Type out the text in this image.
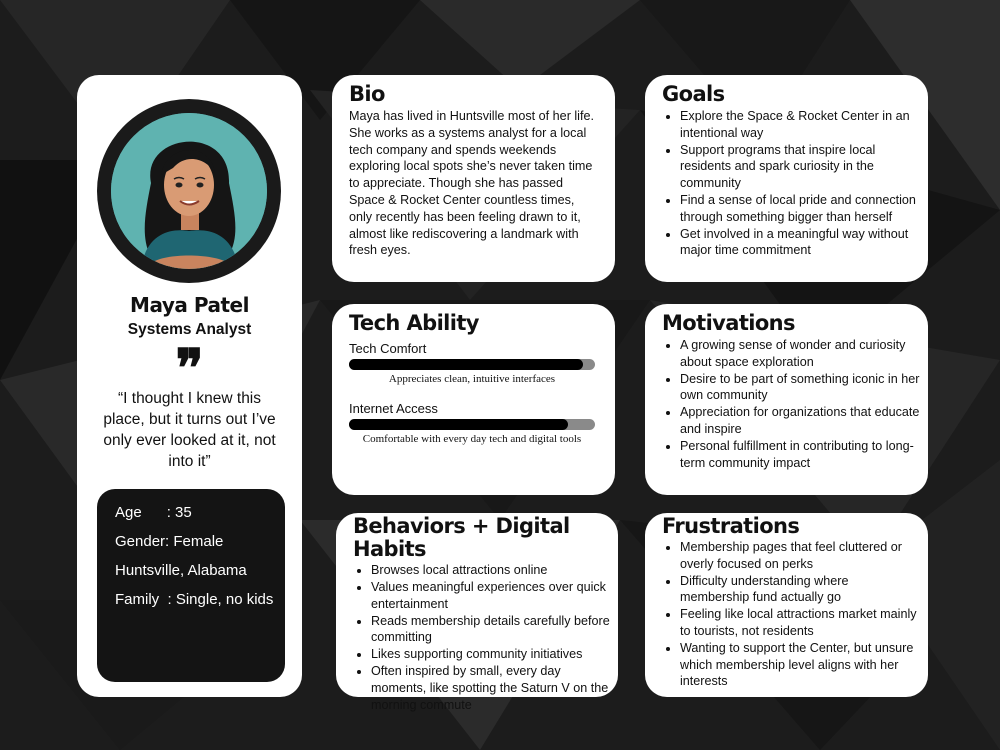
Maya Patel
Systems Analyst
❞
“I thought I knew this place, but it turns out I’ve only ever looked at it, not into it”
Age      : 35
Gender: Female
Huntsville, Alabama
Family  : Single, no kids
Bio
Maya has lived in Huntsville most of her life. She works as a systems analyst for a local tech company and spends weekends exploring local spots she’s never taken time to appreciate. Though she has passed Space & Rocket Center countless times, only recently has been feeling drawn to it, almost like rediscovering a landmark with fresh eyes.
Goals
• Explore the Space & Rocket Center in an intentional way
• Support programs that inspire local residents and spark curiosity in the community
• Find a sense of local pride and connection through something bigger than herself
• Get involved in a meaningful way without major time commitment
Tech Ability
Tech Comfort
Appreciates clean, intuitive interfaces
Internet Access
Comfortable with every day tech and digital tools
Motivations
• A growing sense of wonder and curiosity about space exploration
• Desire to be part of something iconic in her own community
• Appreciation for organizations that educate and inspire
• Personal fulfillment in contributing to long-term community impact
Behaviors + Digital Habits
• Browses local attractions online
• Values meaningful experiences over quick entertainment
• Reads membership details carefully before committing
• Likes supporting community initiatives
• Often inspired by small, every day moments, like spotting the Saturn V on the morning commute
Frustrations
• Membership pages that feel cluttered or overly focused on perks
• Difficulty understanding where membership fund actually go
• Feeling like local attractions market mainly to tourists, not residents
• Wanting to support the Center, but unsure which membership level aligns with her interests
